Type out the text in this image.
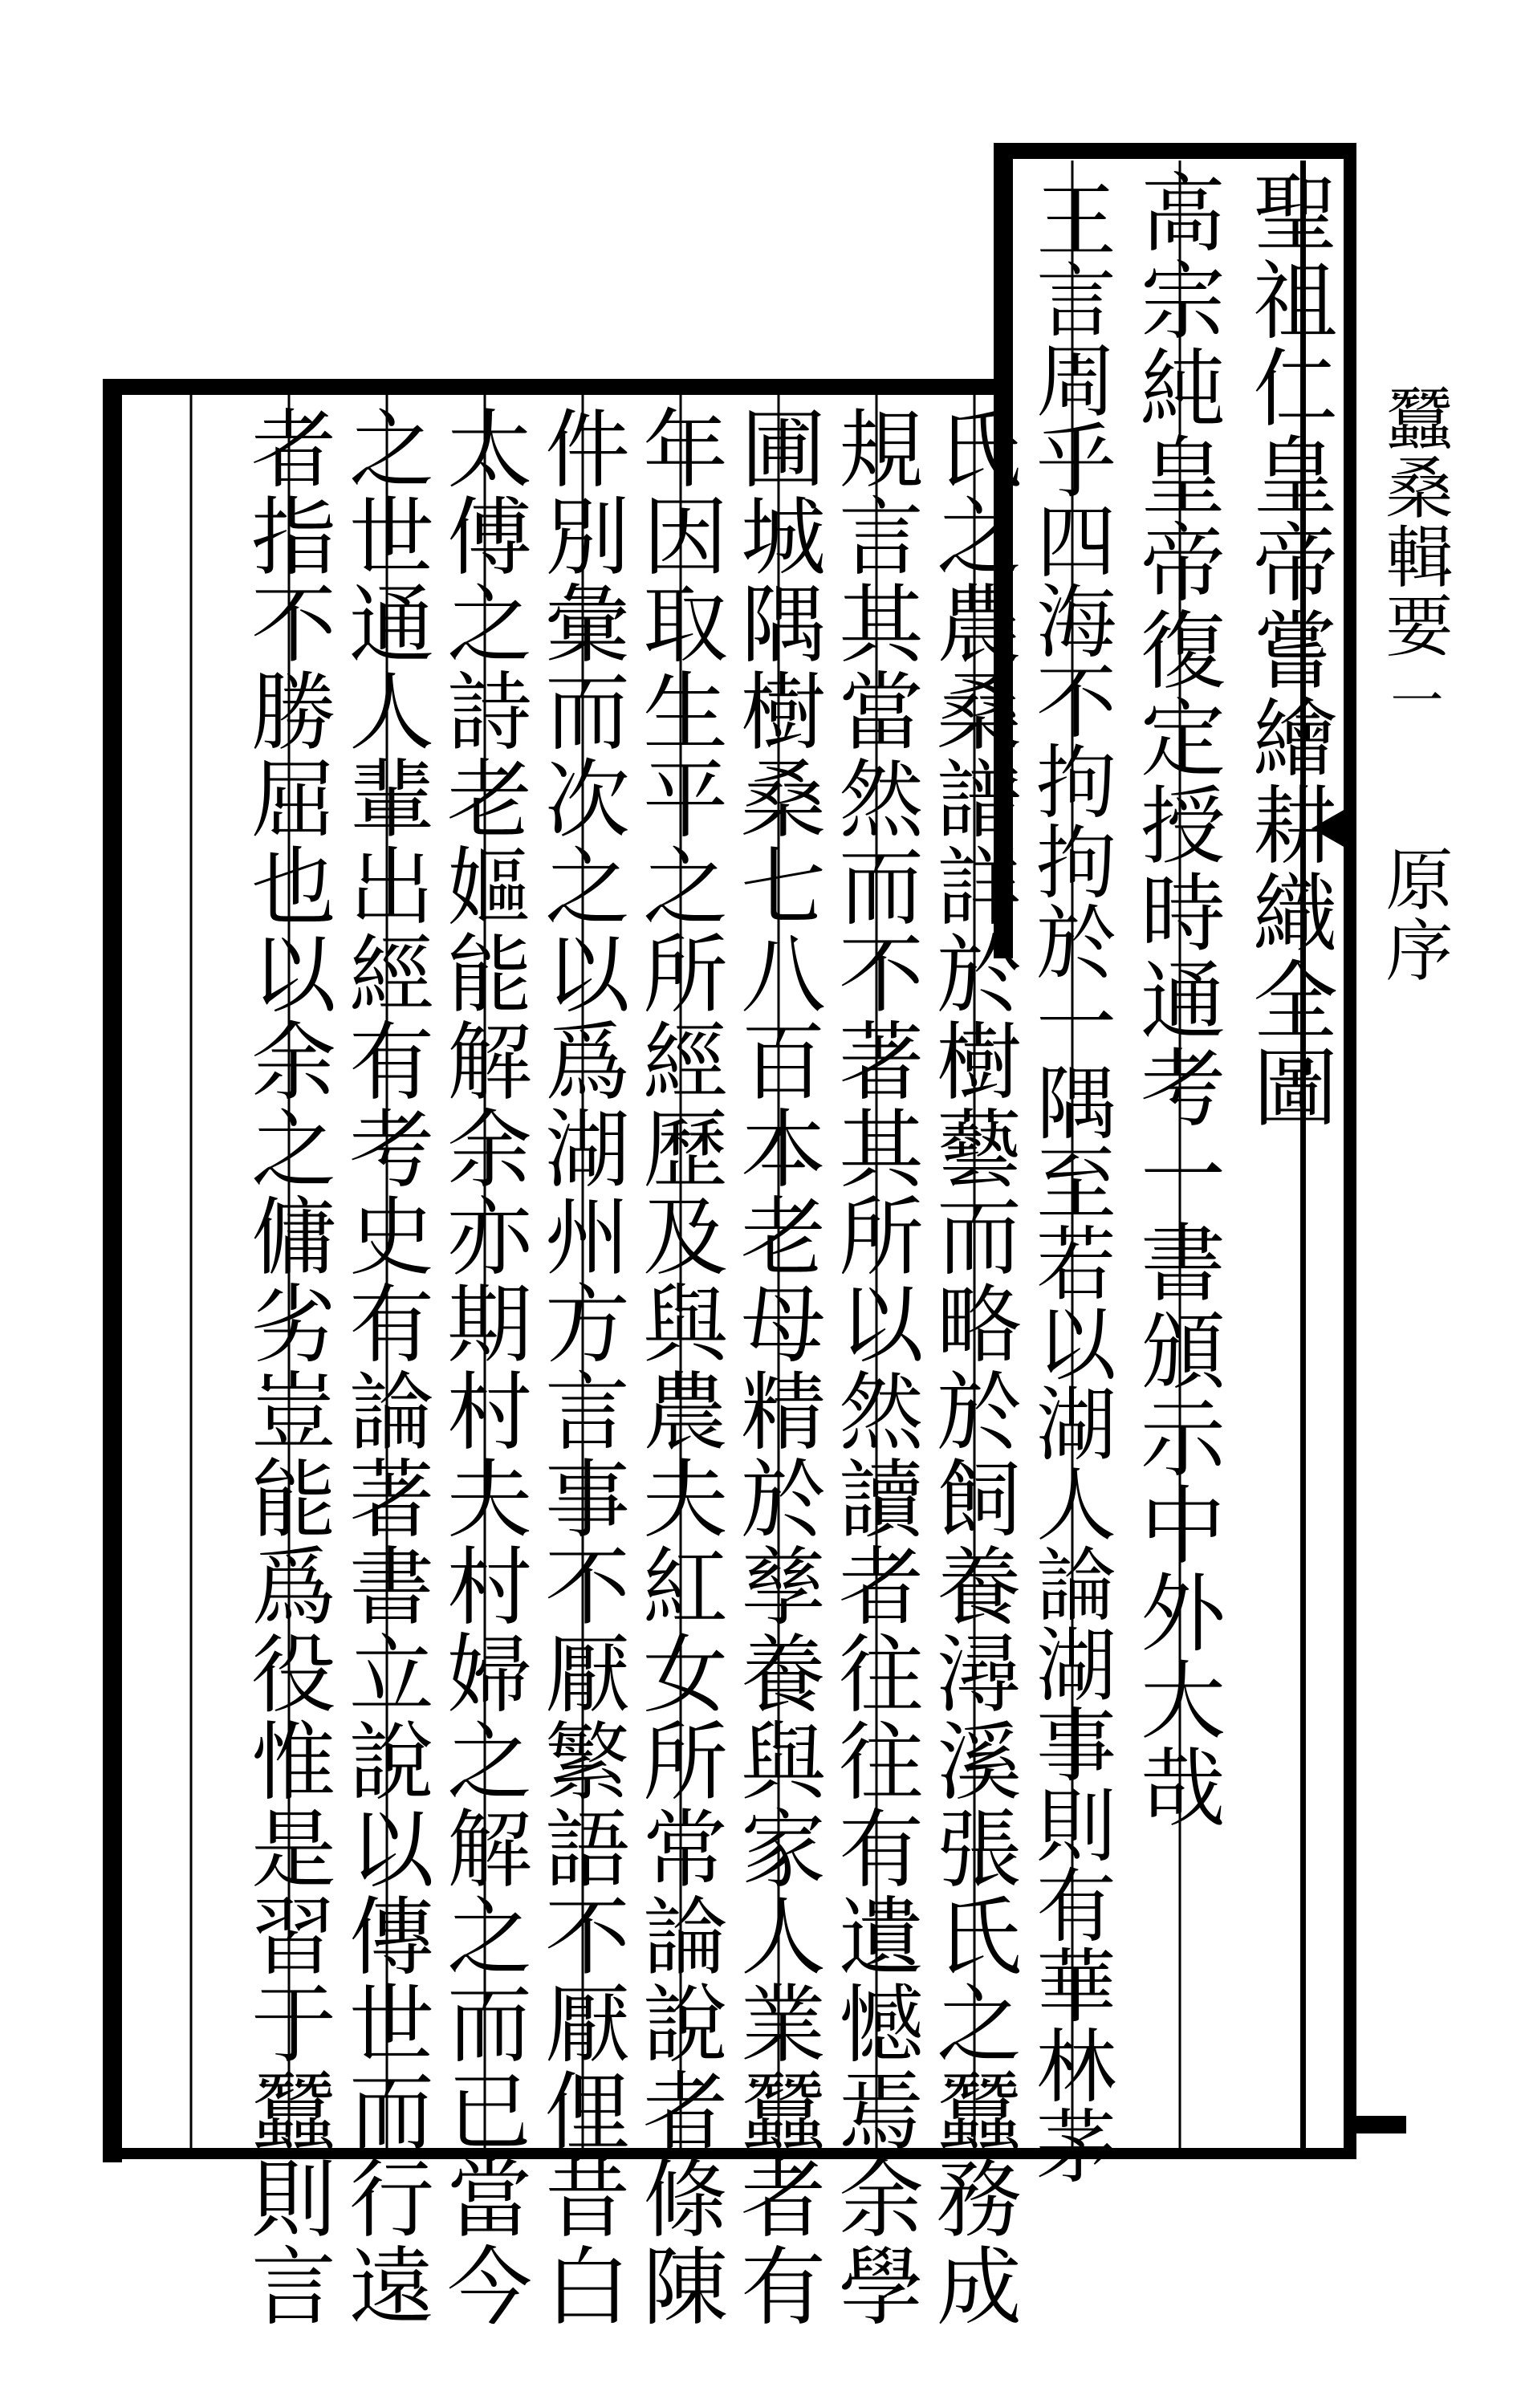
蠶桑輯要
一
原序
聖祖仁皇帝嘗繪耕織全圖
高宗純皇帝復定授時通考一書頒示中外大哉
王言周乎四海不拘拘於一隅至若以湖人論湖事則有華林茅
氏之農桑譜詳於樹藝而略於飼養潯溪張氏之蠶務成
規言其當然而不著其所以然讀者往往有遺憾焉余學
圃城隅樹桑七八百本老母精於孳養與家人業蠶者有
年因取生平之所經歷及與農夫紅女所常論說者條陳
件別彙而次之以爲湖州方言事不厭繁語不厭俚昔白
太傅之詩老嫗能解余亦期村夫村婦之解之而已當今
之世通人輩出經有考史有論著書立說以傳世而行遠
者指不勝屈也以余之傭劣豈能爲役惟是習于蠶則言
